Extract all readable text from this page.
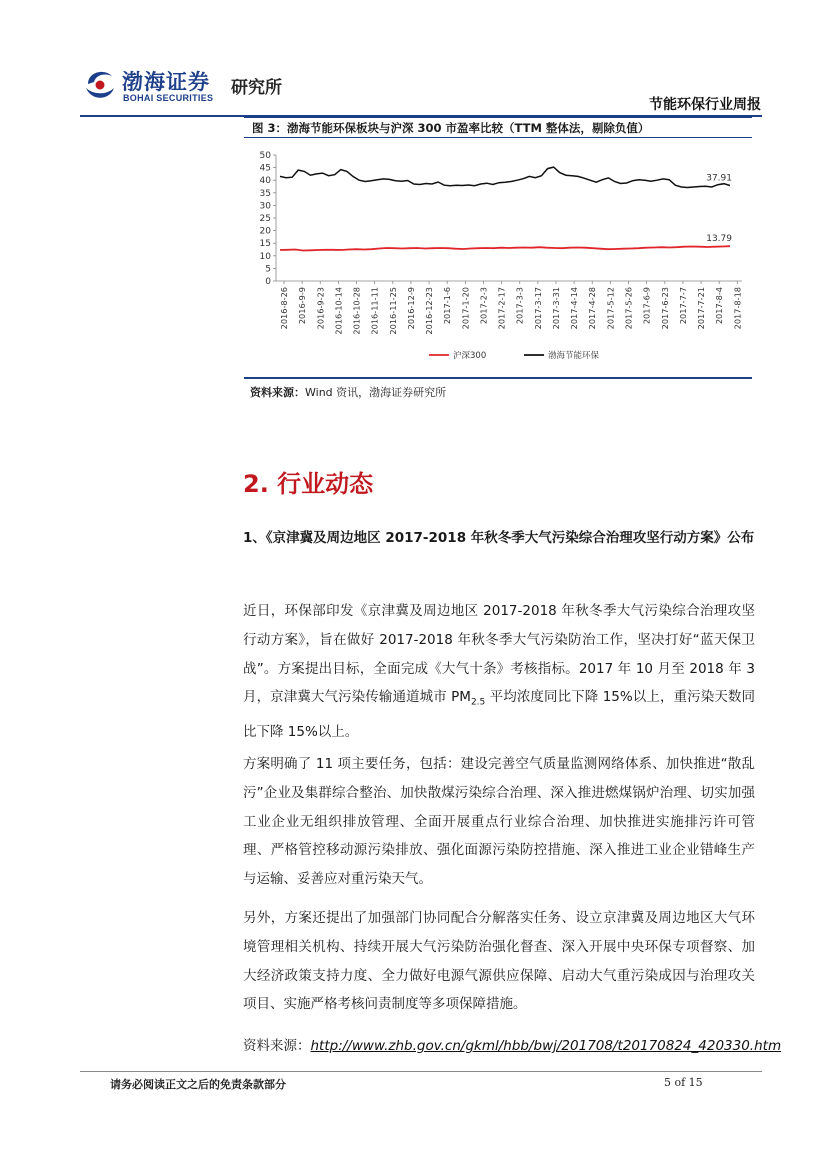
渤海证券
BOHAI SECURITIES 研究所
节能环保行业周报
图 3：渤海节能环保板块与沪深 300 市盈率比较（TTM 整体法，剔除负值）
50
45
40
35
30
25
20
15
10
5
0
2016-8-26 2016-9-9 2016-9-23 2016-10-14 2016-10-28 2016-11-11 2016-11-25 2016-12-9 2016-12-23 2017-1-6 2017-1-20 2017-2-3 2017-2-17 2017-3-3 2017-3-17 2017-3-31 2017-4-14 2017-4-28 2017-5-12 2017-5-26 2017-6-9 2017-6-23 2017-7-7 2017-7-21 2017-8-4 2017-8-18
13.79
37.91
沪深300	渤海节能环保
资料来源：Wind 资讯，渤海证券研究所
2. 行业动态
1、《京津冀及周边地区 2017-2018 年秋冬季大气污染综合治理攻坚行动方案》公布
近日，环保部印发《京津冀及周边地区 2017-2018 年秋冬季大气污染综合治理攻坚行动方案》，旨在做好 2017-2018 年秋冬季大气污染防治工作，坚决打好“蓝天保卫战”。方案提出目标，全面完成《大气十条》考核指标。2017 年 10 月至 2018 年 3 月，京津冀大气污染传输通道城市 $PM_{2.5}$ 平均浓度同比下降 15%以上，重污染天数同比下降 15%以上。
方案明确了 11 项主要任务，包括：建设完善空气质量监测网络体系、加快推进“散乱污”企业及集群综合整治、加快散煤污染综合治理、深入推进燃煤锅炉治理、切实加强工业企业无组织排放管理、全面开展重点行业综合治理、加快推进实施排污许可管理、严格管控移动源污染排放、强化面源污染防控措施、深入推进工业企业错峰生产与运输、妥善应对重污染天气。
另外，方案还提出了加强部门协同配合分解落实任务、设立京津冀及周边地区大气环境管理相关机构、持续开展大气污染防治强化督查、深入开展中央环保专项督察、加大经济政策支持力度、全力做好电源气源供应保障、启动大气重污染成因与治理攻关项目、实施严格考核问责制度等多项保障措施。
资料来源：http://www.zhb.gov.cn/gkml/hbb/bwj/201708/t20170824_420330.htm
请务必阅读正文之后的免责条款部分	5 of 15
